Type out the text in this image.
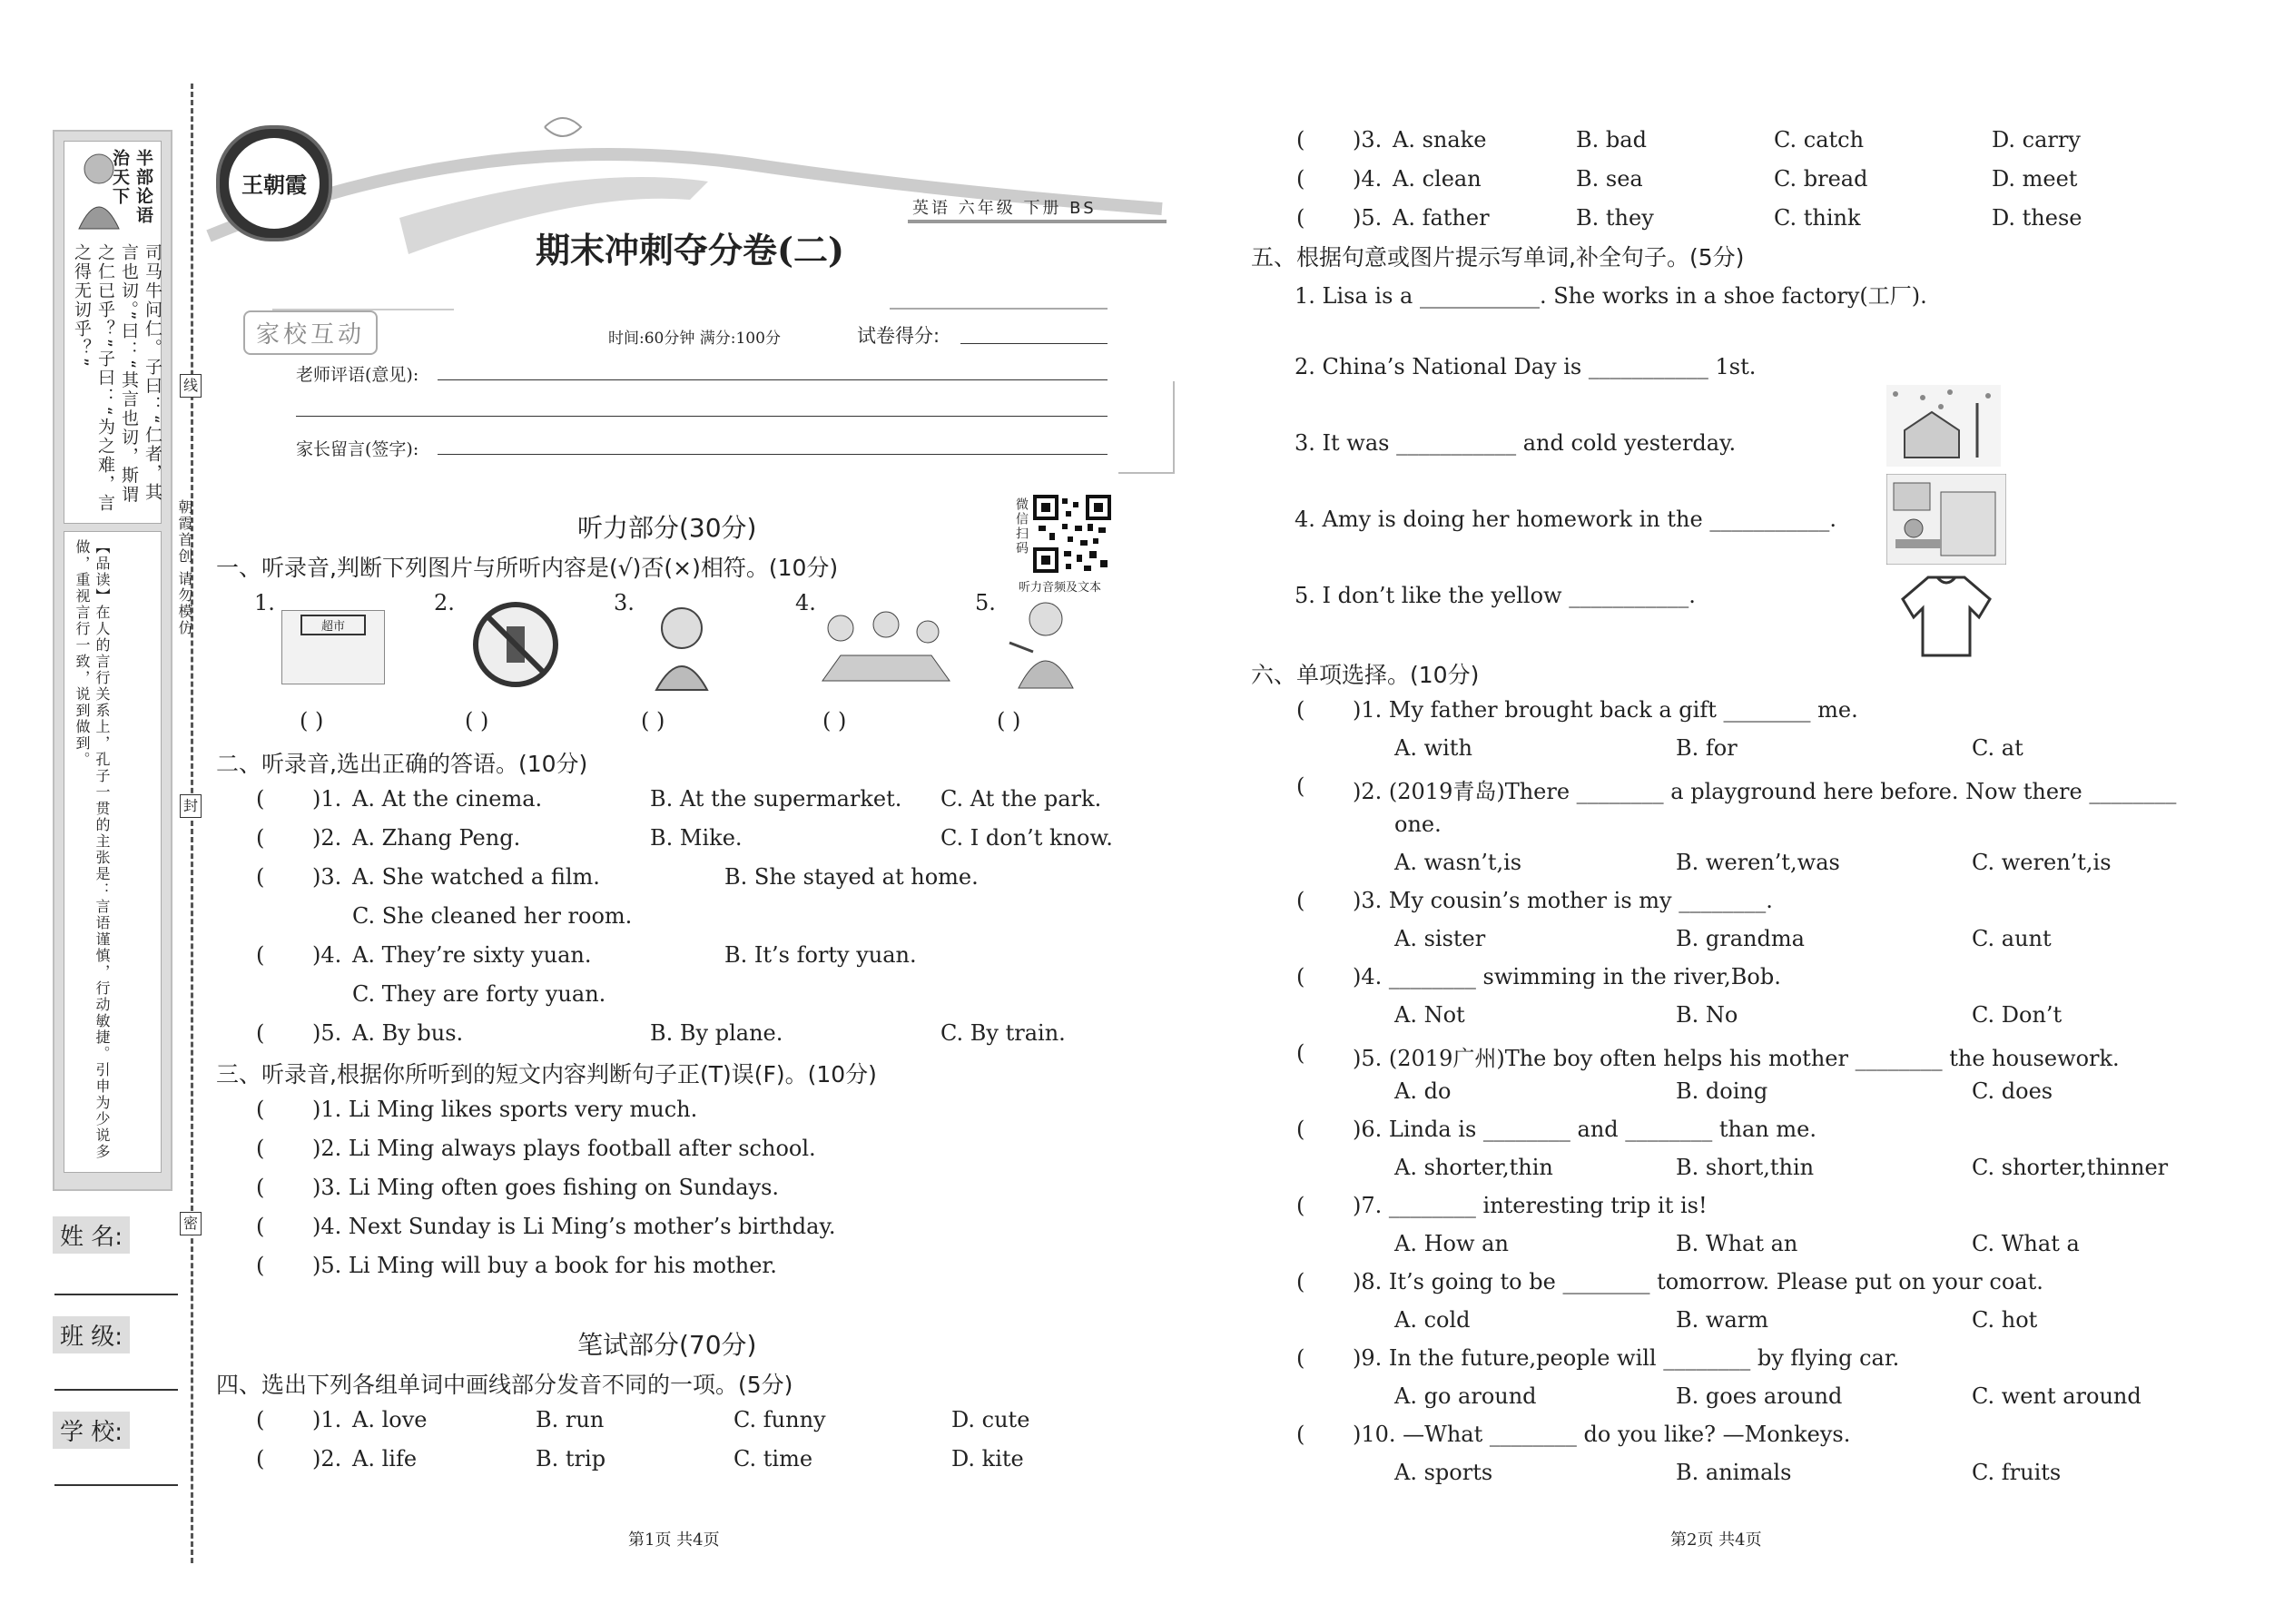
半部论语治天下
司马牛问仁。子曰：“仁者，其言也讱。”曰：“其言也讱，斯谓之仁已乎？”子曰：“为之难，言之得无讱乎？”
【品读】在人的言行关系上，孔子一贯的主张是：言语谨慎，行动敏捷。引申为少说多做，重视言行一致，说到做到。
姓 名:
班 级:
学 校:
线
封
密
朝霞首创 请勿模仿
王朝霞
英语 六年级 下册 BS
期末冲刺夺分卷(二)
家校互动	时间:60分钟 满分:100分	试卷得分:
老师评语(意见):
家长留言(签字):
微信扫码
听力音频及文本
听力部分(30分)
一、听录音,判断下列图片与所听内容是(√)否(×)相符。(10分)
1.
超市
( )
2.
( )
3.
( )
4.
( )
5.
( )
二、听录音,选出正确的答语。(10分)
三、听录音,根据你所听到的短文内容判断句子正(T)误(F)。(10分)
笔试部分(70分)
四、选出下列各组单词中画线部分发音不同的一项。(5分)
第1页 共4页
五、根据句意或图片提示写单词,补全句子。(5分)
六、单项选择。(10分)
第2页 共4页
( )1. A. At the cinema.	B. At the supermarket. C. At the park.
( )2. A. Zhang Peng.	B. Mike.	C. I don’t know.
( )3. A. She watched a film.	B. She stayed at home.
C. She cleaned her room.
( )4. A. They’re sixty yuan.	B. It’s forty yuan.
C. They are forty yuan.
( )5. A. By bus.	B. By plane.	C. By train.
( )1. Li Ming likes sports very much.
( )2. Li Ming always plays football after school.
( )3. Li Ming often goes fishing on Sundays.
( )4. Next Sunday is Li Ming’s mother’s birthday.
( )5. Li Ming will buy a book for his mother.
( )1. A. love	B. run	C. funny	D. cute
( )2. A. life	B. trip	C. time	D. kite
( )3. A. snake	B. bad	C. catch	D. carry
( )4. A. clean	B. sea	C. bread	D. meet
( )5. A. father	B. they	C. think	D. these
1. Lisa is a ___________. She works in a shoe factory(工厂).
2. China’s National Day is ___________ 1st.
3. It was ___________ and cold yesterday.
4. Amy is doing her homework in the ___________.
5. I don’t like the yellow ___________.
( )1. My father brought back a gift ________ me.
A. with	B. for	C. at
( )2. (2019青岛)There ________ a playground here before. Now there ________
one.
A. wasn’t,is	B. weren’t,was	C. weren’t,is
( )3. My cousin’s mother is my ________.
A. sister	B. grandma	C. aunt
( )4. ________ swimming in the river,Bob.
A. Not	B. No	C. Don’t
( )5. (2019广州)The boy often helps his mother ________ the housework.
A. do	B. doing	C. does
( )6. Linda is ________ and ________ than me.
A. shorter,thin	B. short,thin	C. shorter,thinner
( )7. ________ interesting trip it is!
A. How an	B. What an	C. What a
( )8. It’s going to be ________ tomorrow. Please put on your coat.
A. cold	B. warm	C. hot
( )9. In the future,people will ________ by flying car.
A. go around	B. goes around	C. went around
( )10. —What ________ do you like? —Monkeys.
A. sports	B. animals	C. fruits
